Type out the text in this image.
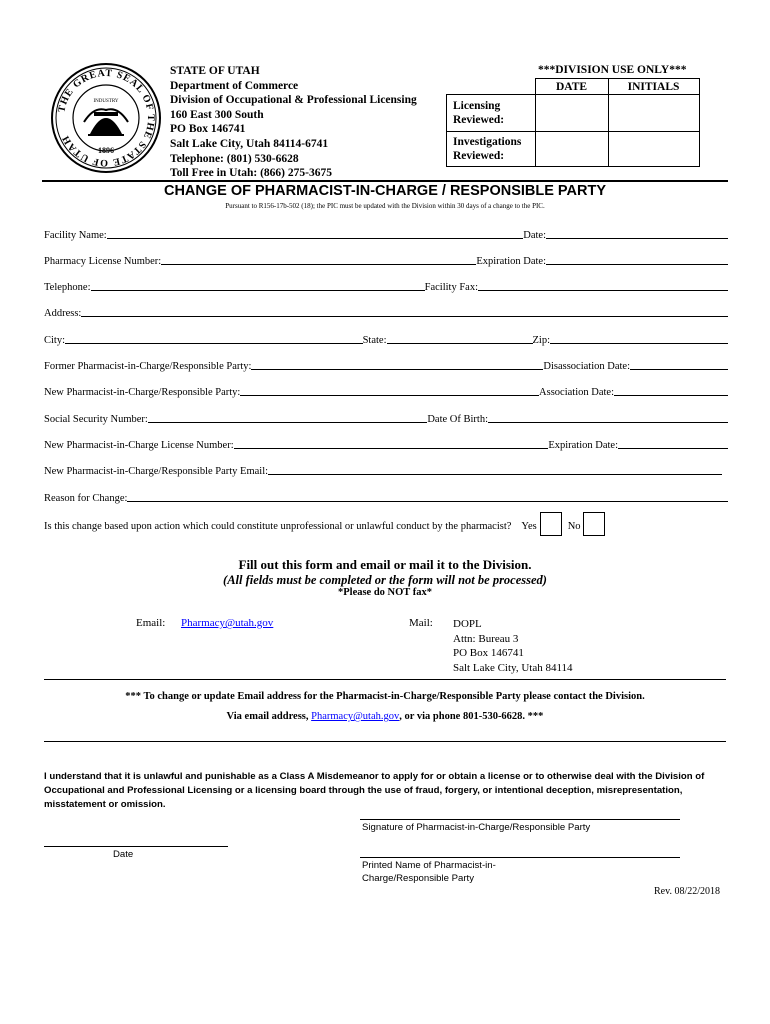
THE GREAT SEAL OF THE STATE OF UTAH
1896
INDUSTRY
STATE OF UTAH
Department of Commerce
Division of Occupational & Professional Licensing
160 East 300 South
PO Box 146741
Salt Lake City, Utah 84114-6741
Telephone: (801) 530-6628
Toll Free in Utah: (866) 275-3675
***DIVISION USE ONLY***
	DATE	INITIALS
Licensing Reviewed:		
Investigations Reviewed:		
CHANGE OF PHARMACIST-IN-CHARGE / RESPONSIBLE PARTY
Pursuant to R156-17b-502 (18); the PIC must be updated with the Division within 30 days of a change to the PIC.
Facility Name:	Date:
Pharmacy License Number:	Expiration Date:
Telephone:	Facility Fax:
Address:
City:	State:	Zip:
Former Pharmacist-in-Charge/Responsible Party:	Disassociation Date:
New Pharmacist-in-Charge/Responsible Party:	Association Date:
Social Security Number:	Date Of Birth:
New Pharmacist-in-Charge License Number:	Expiration Date:
New Pharmacist-in-Charge/Responsible Party Email:
Reason for Change:
Is this change based upon action which could constitute unprofessional or unlawful conduct by the pharmacist? Yes	No
Fill out this form and email or mail it to the Division.
(All fields must be completed or the form will not be processed)
*Please do NOT fax*
Email: Pharmacy@utah.gov	Mail: DOPL
Attn: Bureau 3
PO Box 146741
Salt Lake City, Utah 84114
*** To change or update Email address for the Pharmacist-in-Charge/Responsible Party please contact the Division.
Via email address, Pharmacy@utah.gov, or via phone 801-530-6628. ***
I understand that it is unlawful and punishable as a Class A Misdemeanor to apply for or obtain a license or to otherwise deal with the Division of Occupational and Professional Licensing or a licensing board through the use of fraud, forgery, or intentional deception, misrepresentation, misstatement or omission.
Signature of Pharmacist-in-Charge/Responsible Party
Date
Printed Name of Pharmacist-in-Charge/Responsible Party
Rev. 08/22/2018
